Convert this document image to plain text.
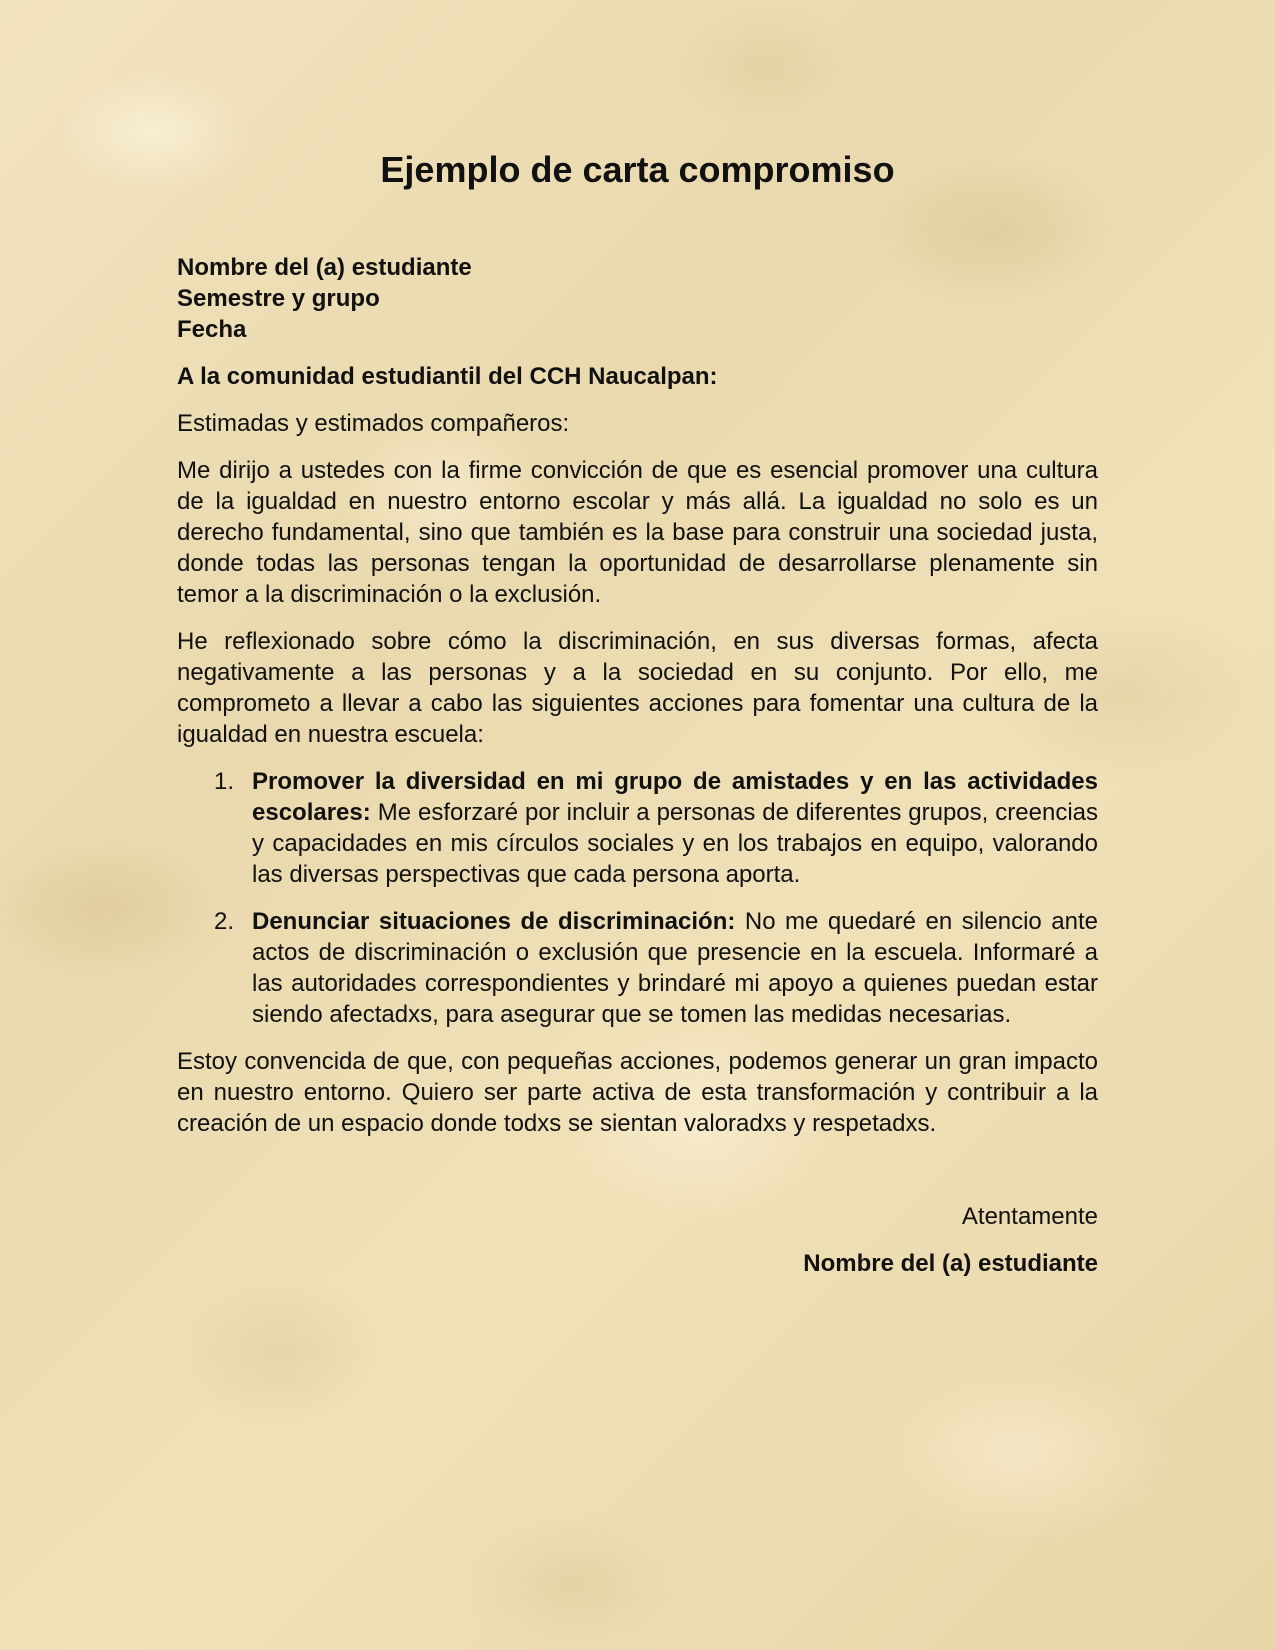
Ejemplo de carta compromiso
Nombre del (a) estudiante
Semestre y grupo
Fecha

A la comunidad estudiantil del CCH Naucalpan:

Estimadas y estimados compañeros:

Me dirijo a ustedes con la firme convicción de que es esencial promover una cultura de la igualdad en nuestro entorno escolar y más allá. La igualdad no solo es un derecho fundamental, sino que también es la base para construir una sociedad justa, donde todas las personas tengan la oportunidad de desarrollarse plenamente sin temor a la discriminación o la exclusión.

He reflexionado sobre cómo la discriminación, en sus diversas formas, afecta negativamente a las personas y a la sociedad en su conjunto. Por ello, me comprometo a llevar a cabo las siguientes acciones para fomentar una cultura de la igualdad en nuestra escuela:

1. Promover la diversidad en mi grupo de amistades y en las actividades escolares: Me esforzaré por incluir a personas de diferentes grupos, creencias y capacidades en mis círculos sociales y en los trabajos en equipo, valorando las diversas perspectivas que cada persona aporta.
2. Denunciar situaciones de discriminación: No me quedaré en silencio ante actos de discriminación o exclusión que presencie en la escuela. Informaré a las autoridades correspondientes y brindaré mi apoyo a quienes puedan estar siendo afectadxs, para asegurar que se tomen las medidas necesarias.

Estoy convencida de que, con pequeñas acciones, podemos generar un gran impacto en nuestro entorno. Quiero ser parte activa de esta transformación y contribuir a la creación de un espacio donde todxs se sientan valoradxs y respetadxs.

Atentamente
Nombre del (a) estudiante
